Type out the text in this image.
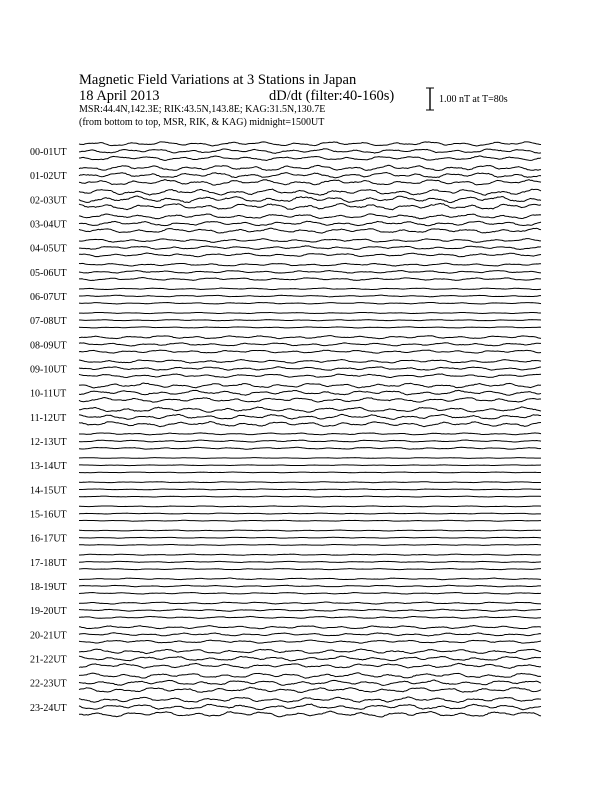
Magnetic Field Variations at 3 Stations in Japan
18 April 2013	dD/dt (filter:40-160s)
MSR:44.4N,142.3E; RIK:43.5N,143.8E; KAG:31.5N,130.7E
(from bottom to top, MSR, RIK, & KAG) midnight=1500UT
1.00 nT at T=80s
00-01UT
01-02UT
02-03UT
03-04UT
04-05UT
05-06UT
06-07UT
07-08UT
08-09UT
09-10UT
10-11UT
11-12UT
12-13UT
13-14UT
14-15UT
15-16UT
16-17UT
17-18UT
18-19UT
19-20UT
20-21UT
21-22UT
22-23UT
23-24UT
